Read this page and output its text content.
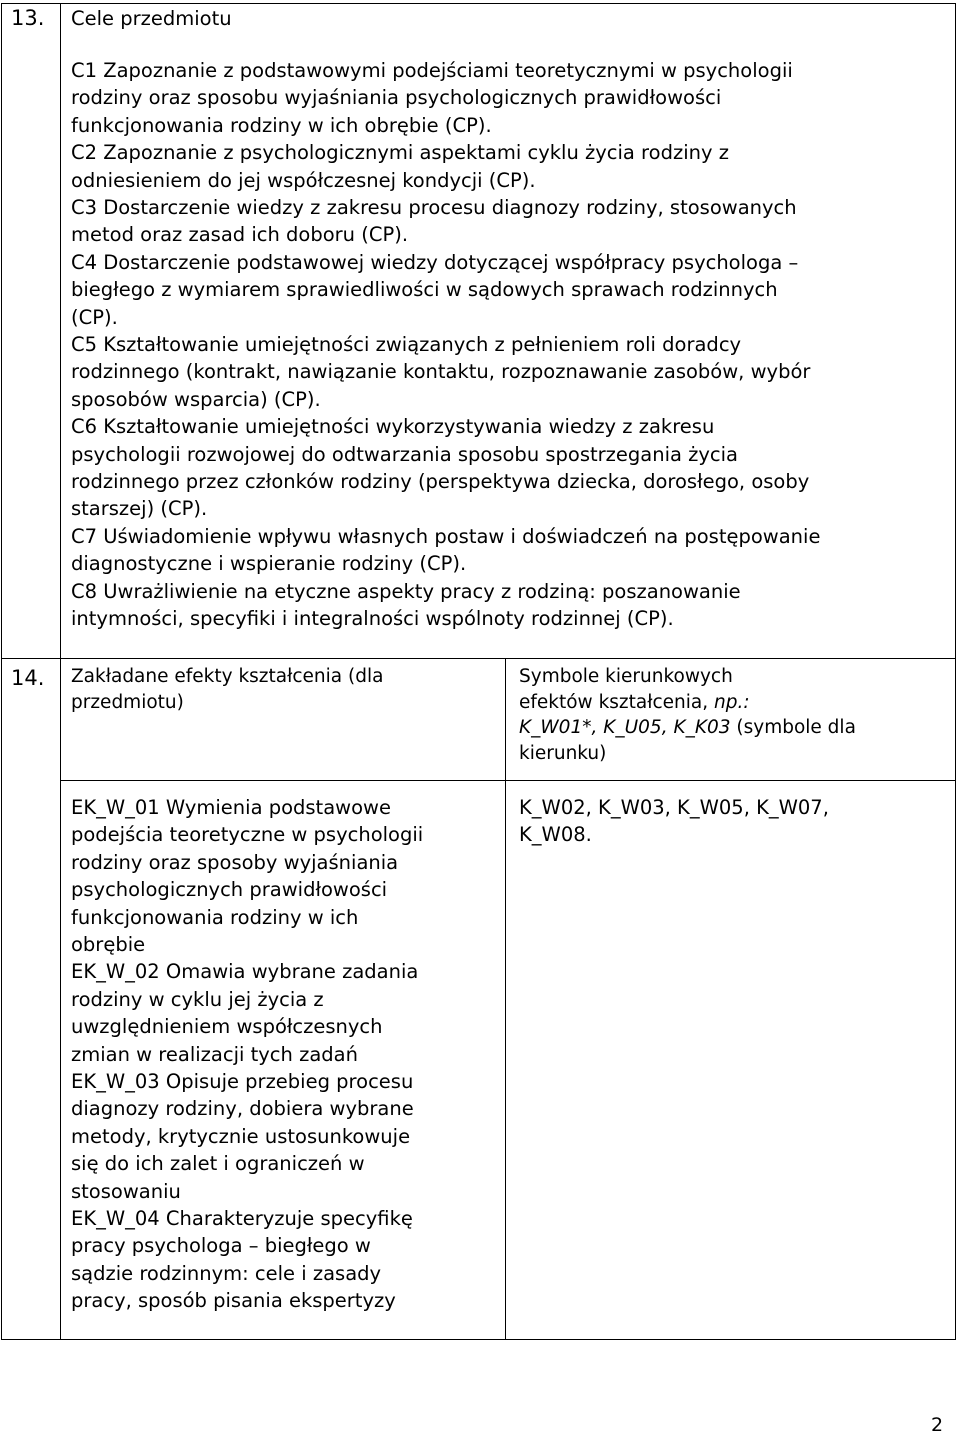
13. Cele przedmiotu
C1 Zapoznanie z podstawowymi podejściami teoretycznymi w psychologii
rodziny oraz sposobu wyjaśniania psychologicznych prawidłowości
funkcjonowania rodziny w ich obrębie (CP).
C2 Zapoznanie z psychologicznymi aspektami cyklu życia rodziny z
odniesieniem do jej współczesnej kondycji (CP).
C3 Dostarczenie wiedzy z zakresu procesu diagnozy rodziny, stosowanych
metod oraz zasad ich doboru (CP).
C4 Dostarczenie podstawowej wiedzy dotyczącej współpracy psychologa –
biegłego z wymiarem sprawiedliwości w sądowych sprawach rodzinnych
(CP).
C5 Kształtowanie umiejętności związanych z pełnieniem roli doradcy
rodzinnego (kontrakt, nawiązanie kontaktu, rozpoznawanie zasobów, wybór
sposobów wsparcia) (CP).
C6 Kształtowanie umiejętności wykorzystywania wiedzy z zakresu
psychologii rozwojowej do odtwarzania sposobu spostrzegania życia
rodzinnego przez członków rodziny (perspektywa dziecka, dorosłego, osoby
starszej) (CP).
C7 Uświadomienie wpływu własnych postaw i doświadczeń na postępowanie
diagnostyczne i wspieranie rodziny (CP).
C8 Uwrażliwienie na etyczne aspekty pracy z rodziną: poszanowanie
intymności, specyfiki i integralności wspólnoty rodzinnej (CP).
14. Zakładane efekty kształcenia (dla
przedmiotu)
Symbole kierunkowych
efektów kształcenia, np.:
K_W01*, K_U05, K_K03 (symbole dla
kierunku)
EK_W_01 Wymienia podstawowe
podejścia teoretyczne w psychologii
rodziny oraz sposoby wyjaśniania
psychologicznych prawidłowości
funkcjonowania rodziny w ich
obrębie
EK_W_02 Omawia wybrane zadania
rodziny w cyklu jej życia z
uwzględnieniem współczesnych
zmian w realizacji tych zadań
EK_W_03 Opisuje przebieg procesu
diagnozy rodziny, dobiera wybrane
metody, krytycznie ustosunkowuje
się do ich zalet i ograniczeń w
stosowaniu
EK_W_04 Charakteryzuje specyfikę
pracy psychologa – biegłego w
sądzie rodzinnym: cele i zasady
pracy, sposób pisania ekspertyzy
K_W02, K_W03, K_W05, K_W07,
K_W08.
2
